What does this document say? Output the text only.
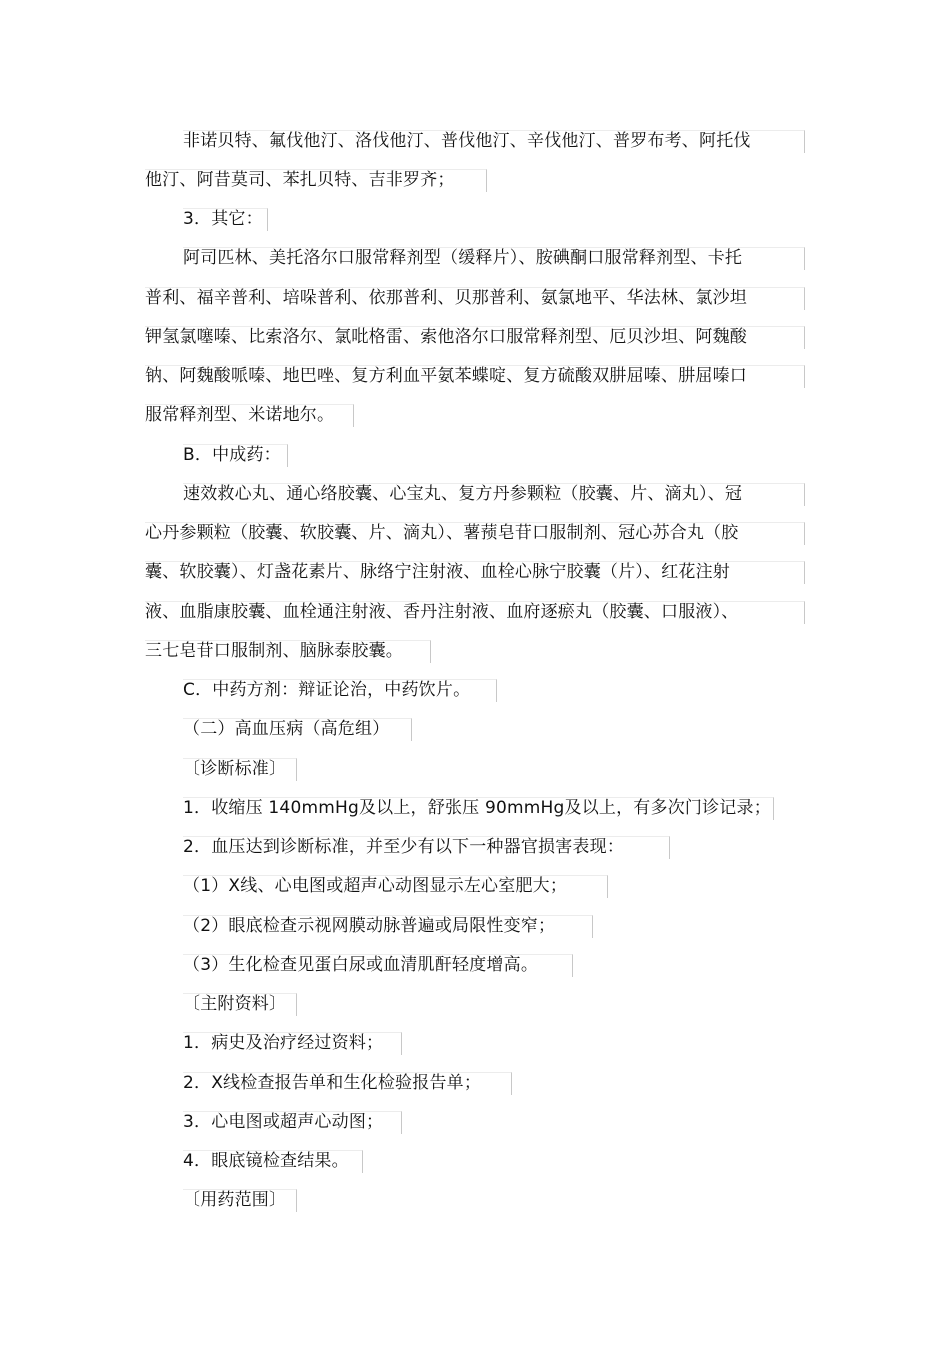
非诺贝特、氟伐他汀、洛伐他汀、普伐他汀、辛伐他汀、普罗布考、阿托伐
他汀、阿昔莫司、苯扎贝特、吉非罗齐；
3．其它：
阿司匹林、美托洛尔口服常释剂型（缓释片）、胺碘酮口服常释剂型、卡托
普利、福辛普利、培哚普利、依那普利、贝那普利、氨氯地平、华法林、氯沙坦
钾氢氯噻嗪、比索洛尔、氯吡格雷、索他洛尔口服常释剂型、厄贝沙坦、阿魏酸
钠、阿魏酸哌嗪、地巴唑、复方利血平氨苯蝶啶、复方硫酸双肼屈嗪、肼屈嗪口
服常释剂型、米诺地尔。
B．中成药：
速效救心丸、通心络胶囊、心宝丸、复方丹参颗粒（胶囊、片、滴丸）、冠
心丹参颗粒（胶囊、软胶囊、片、滴丸）、薯蓣皂苷口服制剂、冠心苏合丸（胶
囊、软胶囊）、灯盏花素片、脉络宁注射液、血栓心脉宁胶囊（片）、红花注射
液、血脂康胶囊、血栓通注射液、香丹注射液、血府逐瘀丸（胶囊、口服液）、
三七皂苷口服制剂、脑脉泰胶囊。
C．中药方剂：辩证论治，中药饮片。
（二）高血压病（高危组）
〔诊断标准〕
1．收缩压 140mmHg及以上，舒张压 90mmHg及以上，有多次门诊记录；
2．血压达到诊断标准，并至少有以下一种器官损害表现：
（1）X线、心电图或超声心动图显示左心室肥大；
（2）眼底检查示视网膜动脉普遍或局限性变窄；
（3）生化检查见蛋白尿或血清肌酐轻度增高。
〔主附资料〕
1．病史及治疗经过资料；
2．X线检查报告单和生化检验报告单；
3．心电图或超声心动图；
4．眼底镜检查结果。
〔用药范围〕
